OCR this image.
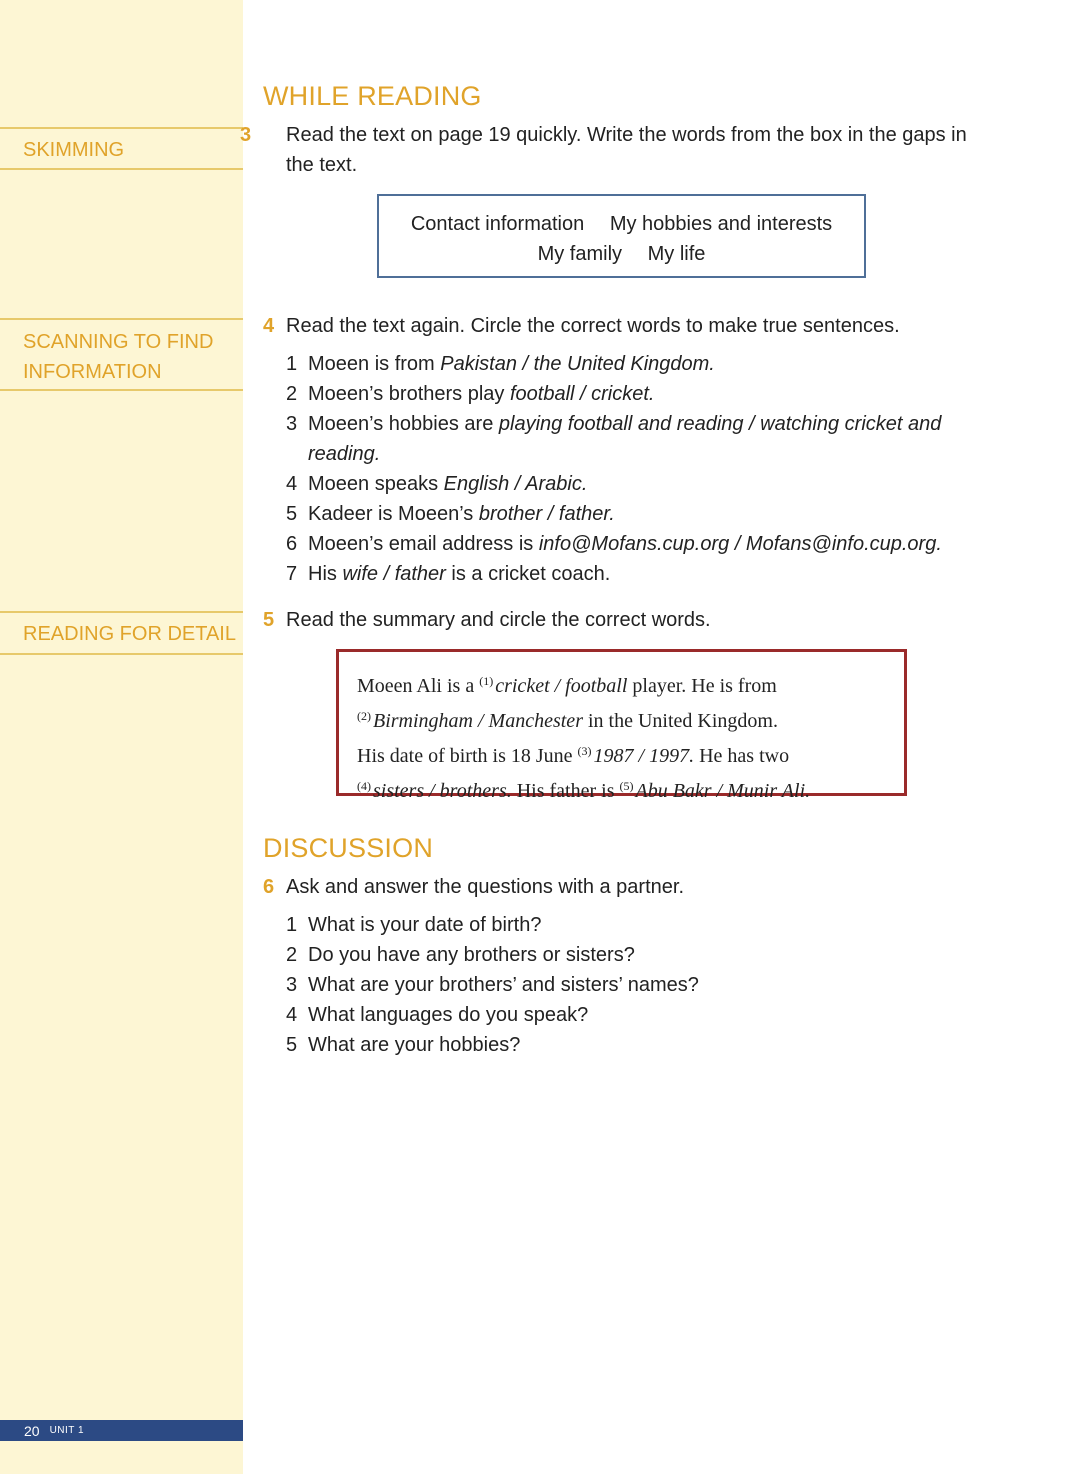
SKIMMING
SCANNING TO FIND
INFORMATION
READING FOR DETAIL
20 UNIT 1
WHILE READING
3 Read the text on page 19 quickly. Write the words from the box in the gaps in the text.
Contact information My hobbies and interests
My family My life
4 Read the text again. Circle the correct words to make true sentences.
1 Moeen is from Pakistan / the United Kingdom.
2 Moeen’s brothers play football / cricket.
3 Moeen’s hobbies are playing football and reading / watching cricket and reading.
4 Moeen speaks English / Arabic.
5 Kadeer is Moeen’s brother / father.
6 Moeen’s email address is info@Mofans.cup.org / Mofans@info.cup.org.
7 His wife / father is a cricket coach.
5 Read the summary and circle the correct words.
Moeen Ali is a $^{(1)}$ cricket / football player. He is from
$^{(2)}$ Birmingham / Manchester in the United Kingdom.
His date of birth is 18 June $^{(3)}$ 1987 / 1997. He has two
$^{(4)}$ sisters / brothers. His father is $^{(5)}$ Abu Bakr / Munir Ali.
DISCUSSION
6 Ask and answer the questions with a partner.
1 What is your date of birth?
2 Do you have any brothers or sisters?
3 What are your brothers’ and sisters’ names?
4 What languages do you speak?
5 What are your hobbies?
